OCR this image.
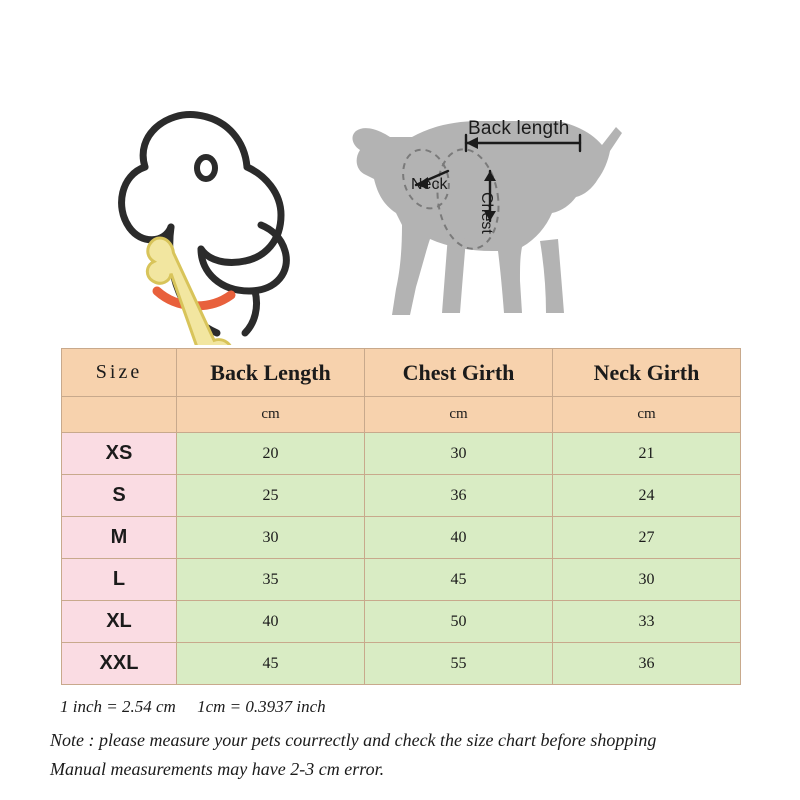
Back length
Neck
Chest
Size	Back Length	Chest Girth	Neck Girth
	cm	cm	cm
XS	20	30	21
S	25	36	24
M	30	40	27
L	35	45	30
XL	40	50	33
XXL	45	55	36
1 inch = 2.54 cm     1cm = 0.3937 inch
Note : please measure your pets courrectly and check the size chart before shopping
Manual measurements may have 2-3 cm error.
